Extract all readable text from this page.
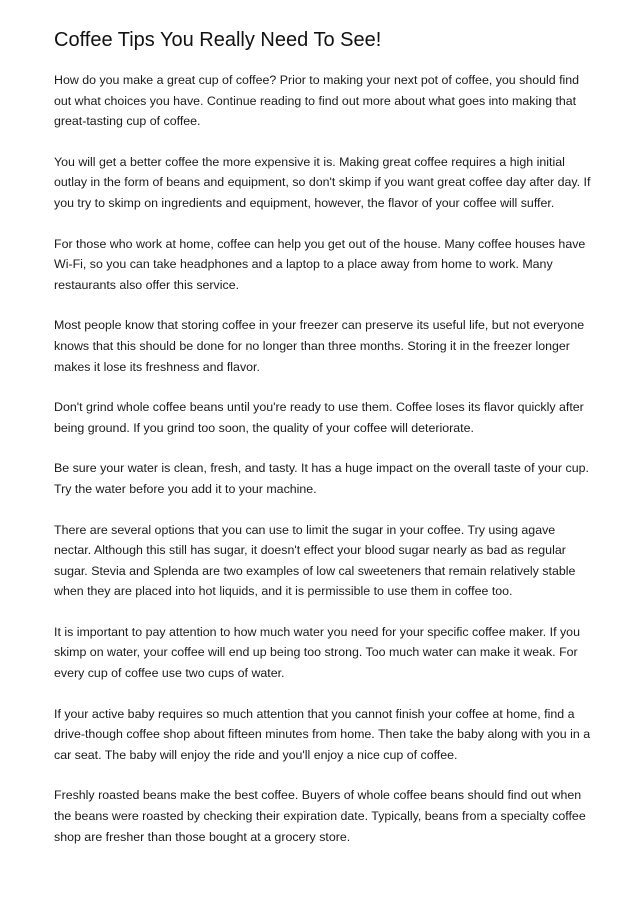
Coffee Tips You Really Need To See!

How do you make a great cup of coffee? Prior to making your next pot of coffee, you should find out what choices you have. Continue reading to find out more about what goes into making that great-tasting cup of coffee.

You will get a better coffee the more expensive it is. Making great coffee requires a high initial outlay in the form of beans and equipment, so don't skimp if you want great coffee day after day. If you try to skimp on ingredients and equipment, however, the flavor of your coffee will suffer.

For those who work at home, coffee can help you get out of the house. Many coffee houses have Wi-Fi, so you can take headphones and a laptop to a place away from home to work. Many restaurants also offer this service.

Most people know that storing coffee in your freezer can preserve its useful life, but not everyone knows that this should be done for no longer than three months. Storing it in the freezer longer makes it lose its freshness and flavor.

Don't grind whole coffee beans until you're ready to use them. Coffee loses its flavor quickly after being ground. If you grind too soon, the quality of your coffee will deteriorate.

Be sure your water is clean, fresh, and tasty. It has a huge impact on the overall taste of your cup. Try the water before you add it to your machine.

There are several options that you can use to limit the sugar in your coffee. Try using agave nectar. Although this still has sugar, it doesn't effect your blood sugar nearly as bad as regular sugar. Stevia and Splenda are two examples of low cal sweeteners that remain relatively stable when they are placed into hot liquids, and it is permissible to use them in coffee too.

It is important to pay attention to how much water you need for your specific coffee maker. If you skimp on water, your coffee will end up being too strong. Too much water can make it weak. For every cup of coffee use two cups of water.

If your active baby requires so much attention that you cannot finish your coffee at home, find a drive-though coffee shop about fifteen minutes from home. Then take the baby along with you in a car seat. The baby will enjoy the ride and you'll enjoy a nice cup of coffee.

Freshly roasted beans make the best coffee. Buyers of whole coffee beans should find out when the beans were roasted by checking their expiration date. Typically, beans from a specialty coffee shop are fresher than those bought at a grocery store.
